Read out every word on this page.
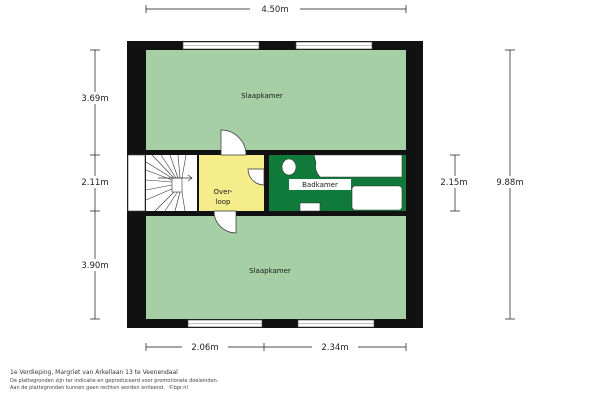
Slaapkamer
Over-
loop
Badkamer
Slaapkamer
4.50m
3.69m
2.11m
3.90m
9.88m
2.15m
2.06m	2.34m
1e Verdieping, Margriet van Arkellaan 13 te Veenendaal
De plattegronden zijn ter indicatie en geproduceerd voor promotionele doeleinden.
Aan de plattegronden kunnen geen rechten worden ontleend. ©bpr.nl
